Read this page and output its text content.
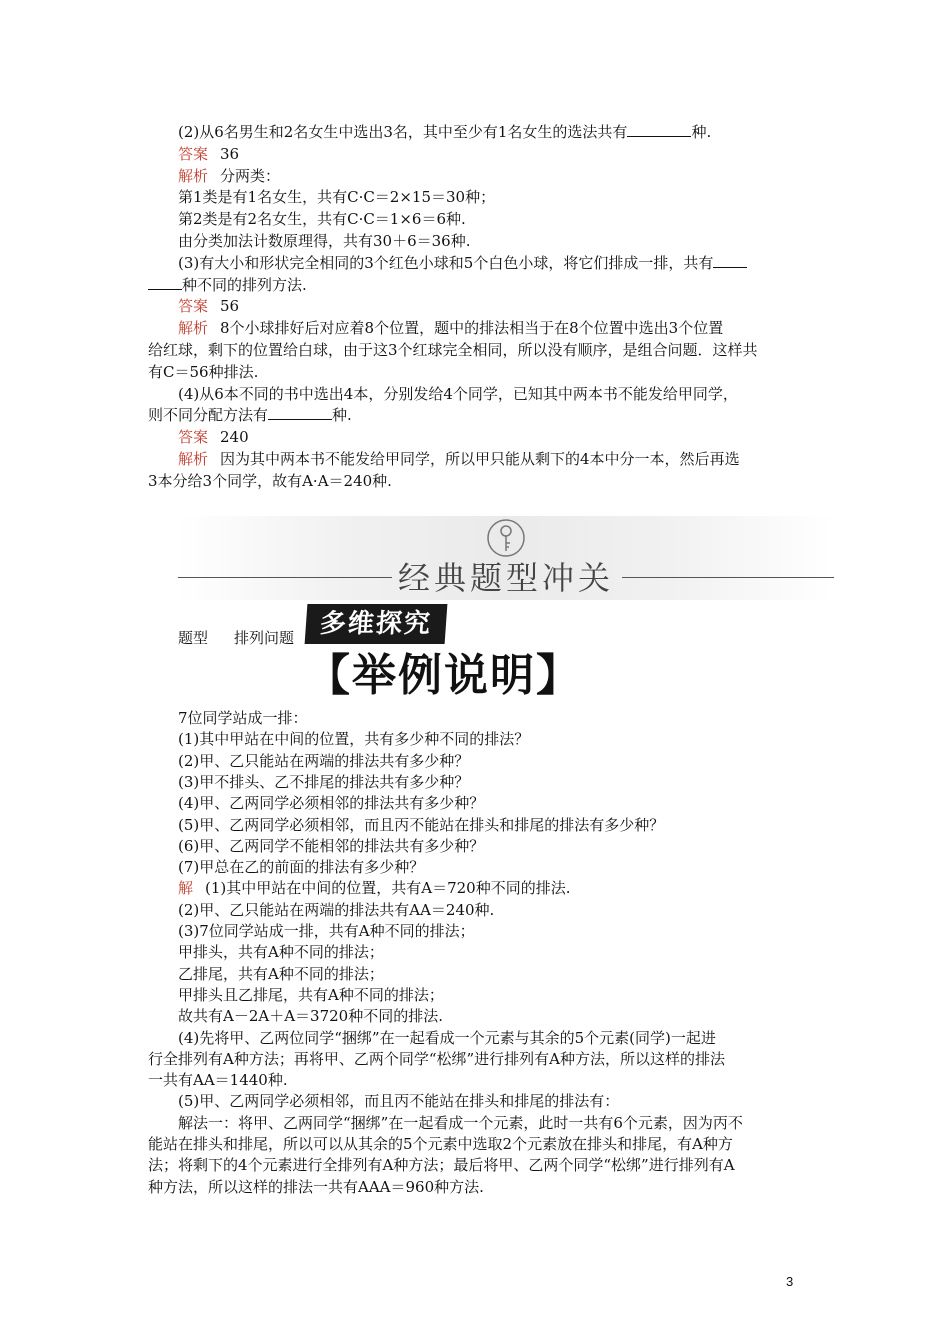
(2)从6名男生和2名女生中选出3名，其中至少有1名女生的选法共有	种.
答案 36
解析 分两类：
第1类是有1名女生，共有C·C＝2×15＝30种；
第2类是有2名女生，共有C·C＝1×6＝6种.
由分类加法计数原理得，共有30＋6＝36种.
(3)有大小和形状完全相同的3个红色小球和5个白色小球，将它们排成一排，共有
种不同的排列方法.
答案 56
解析 8个小球排好后对应着8个位置，题中的排法相当于在8个位置中选出3个位置
给红球，剩下的位置给白球，由于这3个红球完全相同，所以没有顺序，是组合问题．这样共
有C＝56种排法.
(4)从6本不同的书中选出4本，分别发给4个同学，已知其中两本书不能发给甲同学，
则不同分配方法有	种.
答案 240
解析 因为其中两本书不能发给甲同学，所以甲只能从剩下的4本中分一本，然后再选
3本分给3个同学，故有A·A＝240种.
经典题型冲关
题型 排列问题 多维探究
【举例说明】
7位同学站成一排：
(1)其中甲站在中间的位置，共有多少种不同的排法？
(2)甲、乙只能站在两端的排法共有多少种？
(3)甲不排头、乙不排尾的排法共有多少种？
(4)甲、乙两同学必须相邻的排法共有多少种？
(5)甲、乙两同学必须相邻，而且丙不能站在排头和排尾的排法有多少种？
(6)甲、乙两同学不能相邻的排法共有多少种？
(7)甲总在乙的前面的排法有多少种？
解 (1)其中甲站在中间的位置，共有A＝720种不同的排法.
(2)甲、乙只能站在两端的排法共有AA＝240种.
(3)7位同学站成一排，共有A种不同的排法；
甲排头，共有A种不同的排法；
乙排尾，共有A种不同的排法；
甲排头且乙排尾，共有A种不同的排法；
故共有A－2A＋A＝3720种不同的排法.
(4)先将甲、乙两位同学“捆绑”在一起看成一个元素与其余的5个元素(同学)一起进
行全排列有A种方法；再将甲、乙两个同学“松绑”进行排列有A种方法，所以这样的排法
一共有AA＝1440种.
(5)甲、乙两同学必须相邻，而且丙不能站在排头和排尾的排法有：
解法一：将甲、乙两同学“捆绑”在一起看成一个元素，此时一共有6个元素，因为丙不
能站在排头和排尾，所以可以从其余的5个元素中选取2个元素放在排头和排尾，有A种方
法；将剩下的4个元素进行全排列有A种方法；最后将甲、乙两个同学“松绑”进行排列有A
种方法，所以这样的排法一共有AAA＝960种方法.
3
